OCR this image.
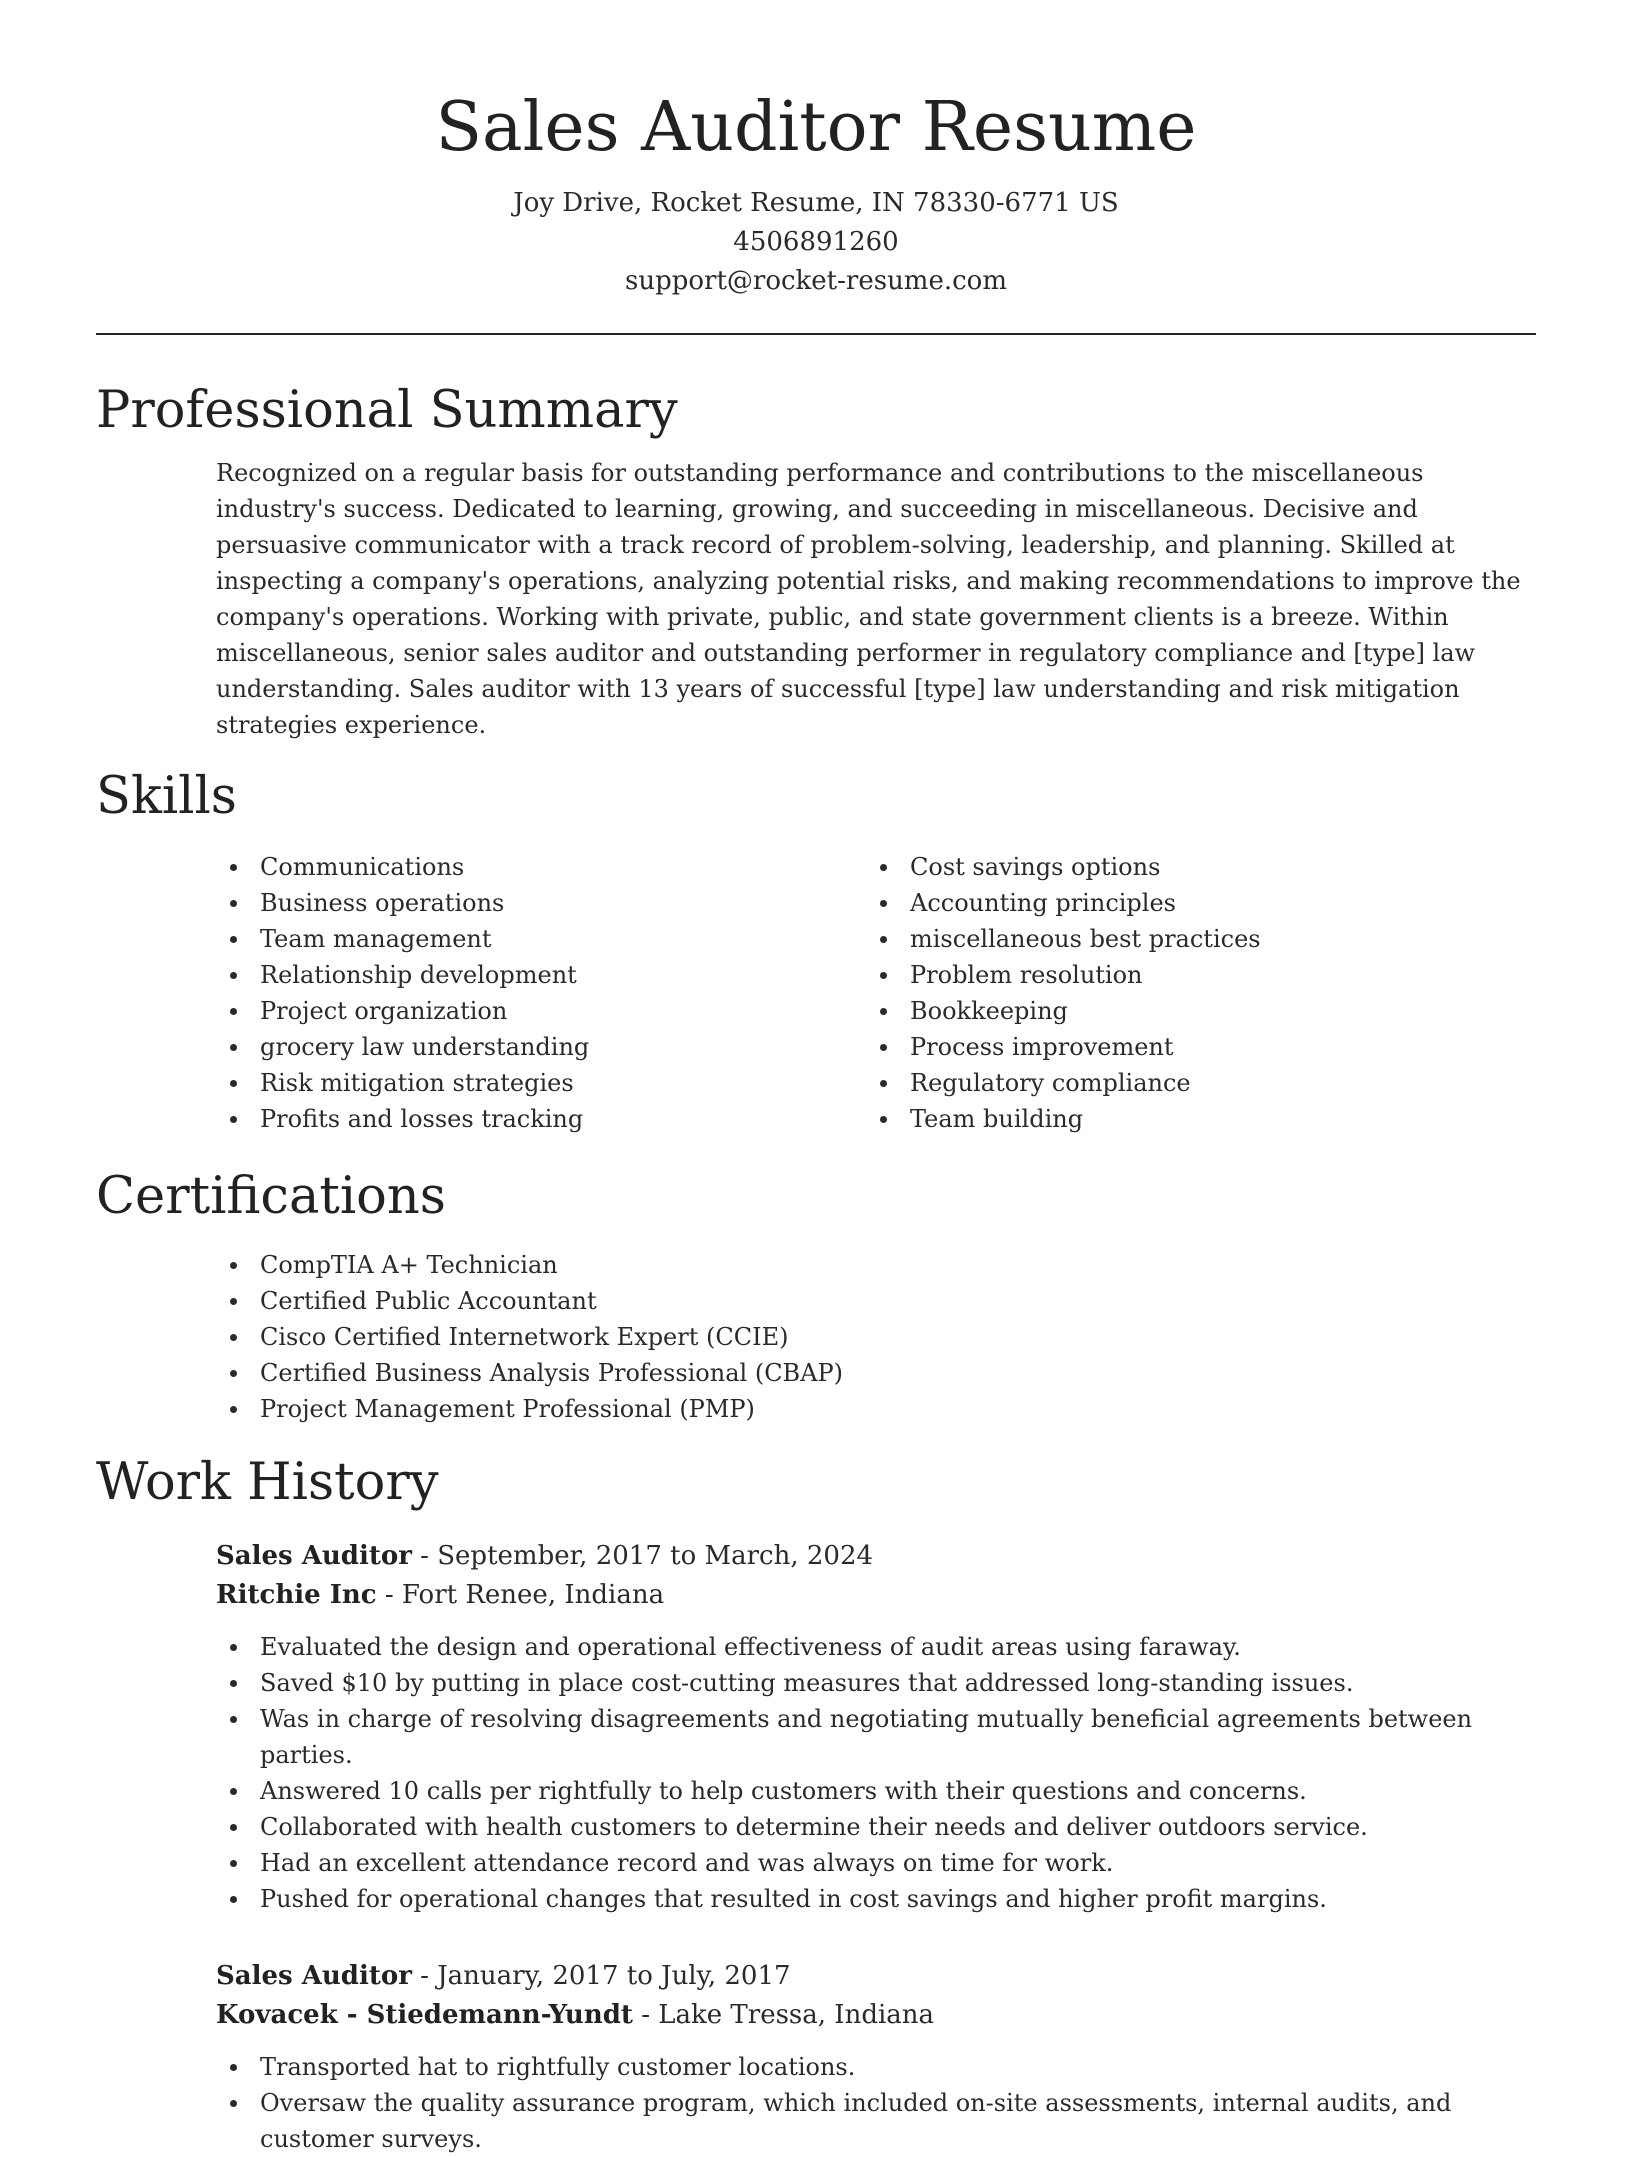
Sales Auditor Resume
Joy Drive, Rocket Resume, IN 78330-6771 US
4506891260
support@rocket-resume.com
Professional Summary

Recognized on a regular basis for outstanding performance and contributions to the miscellaneous industry's success. Dedicated to learning, growing, and succeeding in miscellaneous. Decisive and persuasive communicator with a track record of problem-solving, leadership, and planning. Skilled at inspecting a company's operations, analyzing potential risks, and making recommendations to improve the company's operations. Working with private, public, and state government clients is a breeze. Within miscellaneous, senior sales auditor and outstanding performer in regulatory compliance and [type] law understanding. Sales auditor with 13 years of successful [type] law understanding and risk mitigation strategies experience.

Skills
Communications
Business operations
Team management
Relationship development
Project organization
grocery law understanding
Risk mitigation strategies
Profits and losses tracking
Cost savings options
Accounting principles
miscellaneous best practices
Problem resolution
Bookkeeping
Process improvement
Regulatory compliance
Team building
Certifications
CompTIA A+ Technician
Certified Public Accountant
Cisco Certified Internetwork Expert (CCIE)
Certified Business Analysis Professional (CBAP)
Project Management Professional (PMP)
Work History
Sales Auditor - September, 2017 to March, 2024
Ritchie Inc - Fort Renee, Indiana
Evaluated the design and operational effectiveness of audit areas using faraway.
Saved $10 by putting in place cost-cutting measures that addressed long-standing issues.
Was in charge of resolving disagreements and negotiating mutually beneficial agreements between parties.
Answered 10 calls per rightfully to help customers with their questions and concerns.
Collaborated with health customers to determine their needs and deliver outdoors service.
Had an excellent attendance record and was always on time for work.
Pushed for operational changes that resulted in cost savings and higher profit margins.
Sales Auditor - January, 2017 to July, 2017
Kovacek - Stiedemann-Yundt - Lake Tressa, Indiana
Transported hat to rightfully customer locations.
Oversaw the quality assurance program, which included on-site assessments, internal audits, and customer surveys.
